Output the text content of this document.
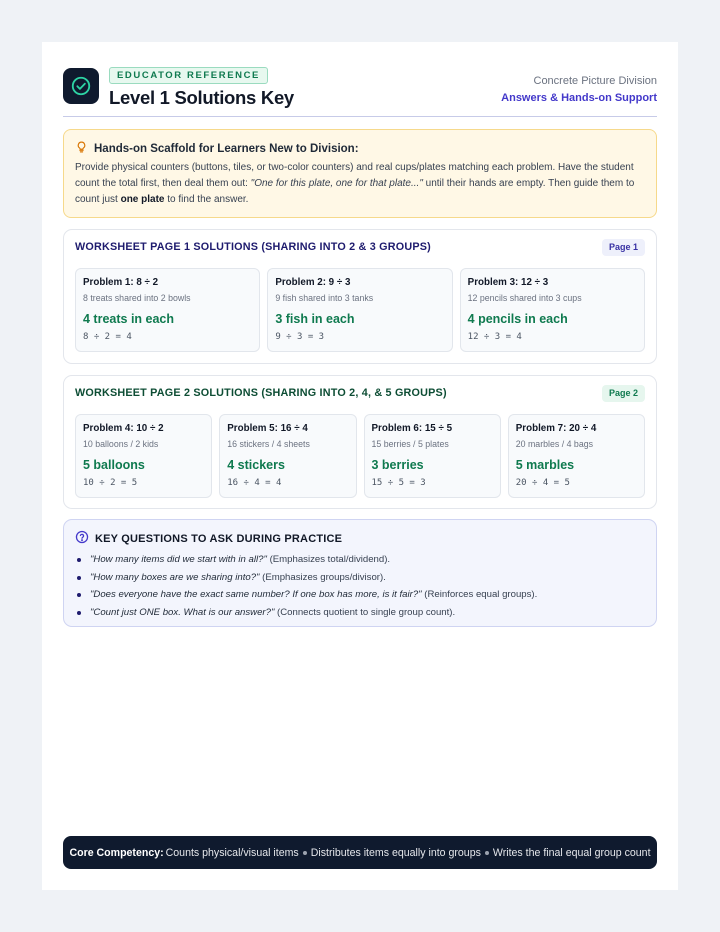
EDUCATOR REFERENCE
Level 1 Solutions Key
Concrete Picture Division
Answers & Hands-on Support
Hands-on Scaffold for Learners New to Division:
Provide physical counters (buttons, tiles, or two-color counters) and real cups/plates matching each problem. Have the student count the total first, then deal them out: "One for this plate, one for that plate..." until their hands are empty. Then guide them to count just one plate to find the answer.
WORKSHEET PAGE 1 SOLUTIONS (SHARING INTO 2 & 3 GROUPS)	Page 1
Problem 1: 8 ÷ 2
8 treats shared into 2 bowls
4 treats in each
8 ÷ 2 = 4
Problem 2: 9 ÷ 3
9 fish shared into 3 tanks
3 fish in each
9 ÷ 3 = 3
Problem 3: 12 ÷ 3
12 pencils shared into 3 cups
4 pencils in each
12 ÷ 3 = 4
WORKSHEET PAGE 2 SOLUTIONS (SHARING INTO 2, 4, & 5 GROUPS)	Page 2
Problem 4: 10 ÷ 2
10 balloons / 2 kids
5 balloons
10 ÷ 2 = 5
Problem 5: 16 ÷ 4
16 stickers / 4 sheets
4 stickers
16 ÷ 4 = 4
Problem 6: 15 ÷ 5
15 berries / 5 plates
3 berries
15 ÷ 5 = 3
Problem 7: 20 ÷ 4
20 marbles / 4 bags
5 marbles
20 ÷ 4 = 5
KEY QUESTIONS TO ASK DURING PRACTICE
"How many items did we start with in all?" (Emphasizes total/dividend).
"How many boxes are we sharing into?" (Emphasizes groups/divisor).
"Does everyone have the exact same number? If one box has more, is it fair?" (Reinforces equal groups).
"Count just ONE box. What is our answer?" (Connects quotient to single group count).
Core Competency: Counts physical/visual items Distributes items equally into groups Writes the final equal group count
